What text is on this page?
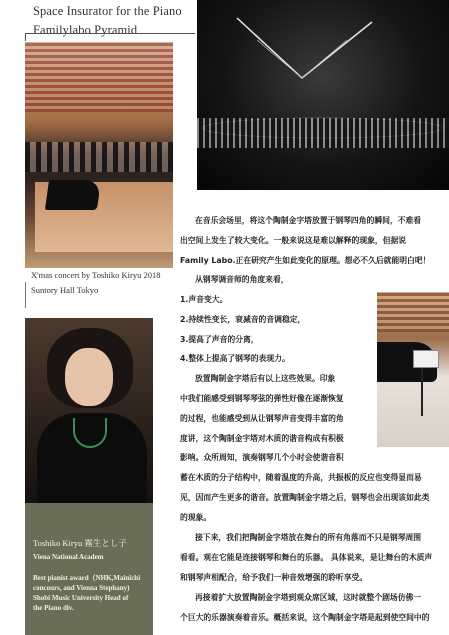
Space Insurator for the Piano
Familylabo Pyramid
X'mas concert by Toshiko Kiryu 2018
Suntory Hall Tokyo
Toshiko Kiryu 霧生とし子
Viena National Academ
Best pianist award（NHK,Mainichi
concours, and Vienna Stephany)
Shobi Music University Head of
the Piano div.
在音乐会场里，将这个陶制金字塔放置于钢琴四角的瞬间，不难看
出空间上发生了较大变化。一般来说这是难以解释的现象，但据说
Family Labo.正在研究产生如此变化的原理。想必不久后就能明白吧！
从钢琴调音师的角度来看，
1.声音变大。
2.持续性变长，衰减音的音调稳定，
3.提高了声音的分离，
4.整体上提高了钢琴的表现力。
放置陶制金字塔后有以上这些效果。印象
中我们能感受到钢琴琴弦的弹性好像在逐渐恢复
的过程，也能感受到从让钢琴声音变得丰富的角
度讲，这个陶制金字塔对木质的谐音构成有积极
影响。众所周知，演奏钢琴几个小时会使谐音积
蓄在木质的分子结构中，随着温度的升高，共振板的反应也变得显而易
见，因而产生更多的谐音。放置陶制金字塔之后，钢琴也会出现该如此类
的现象。
接下来，我们把陶制金字塔放在舞台的所有角落而不只是钢琴周围
看看。观在它能是连接钢琴和舞台的乐器。 具体说来，是让舞台的木质声
和钢琴声相配合，给予我们一种音效增强的聆听享受。
再接着扩大放置陶制金字塔到观众席区域，这时就整个剧场仿佛一
个巨大的乐器演奏着音乐。概括来说，这个陶制金字塔是起到使空间中的
